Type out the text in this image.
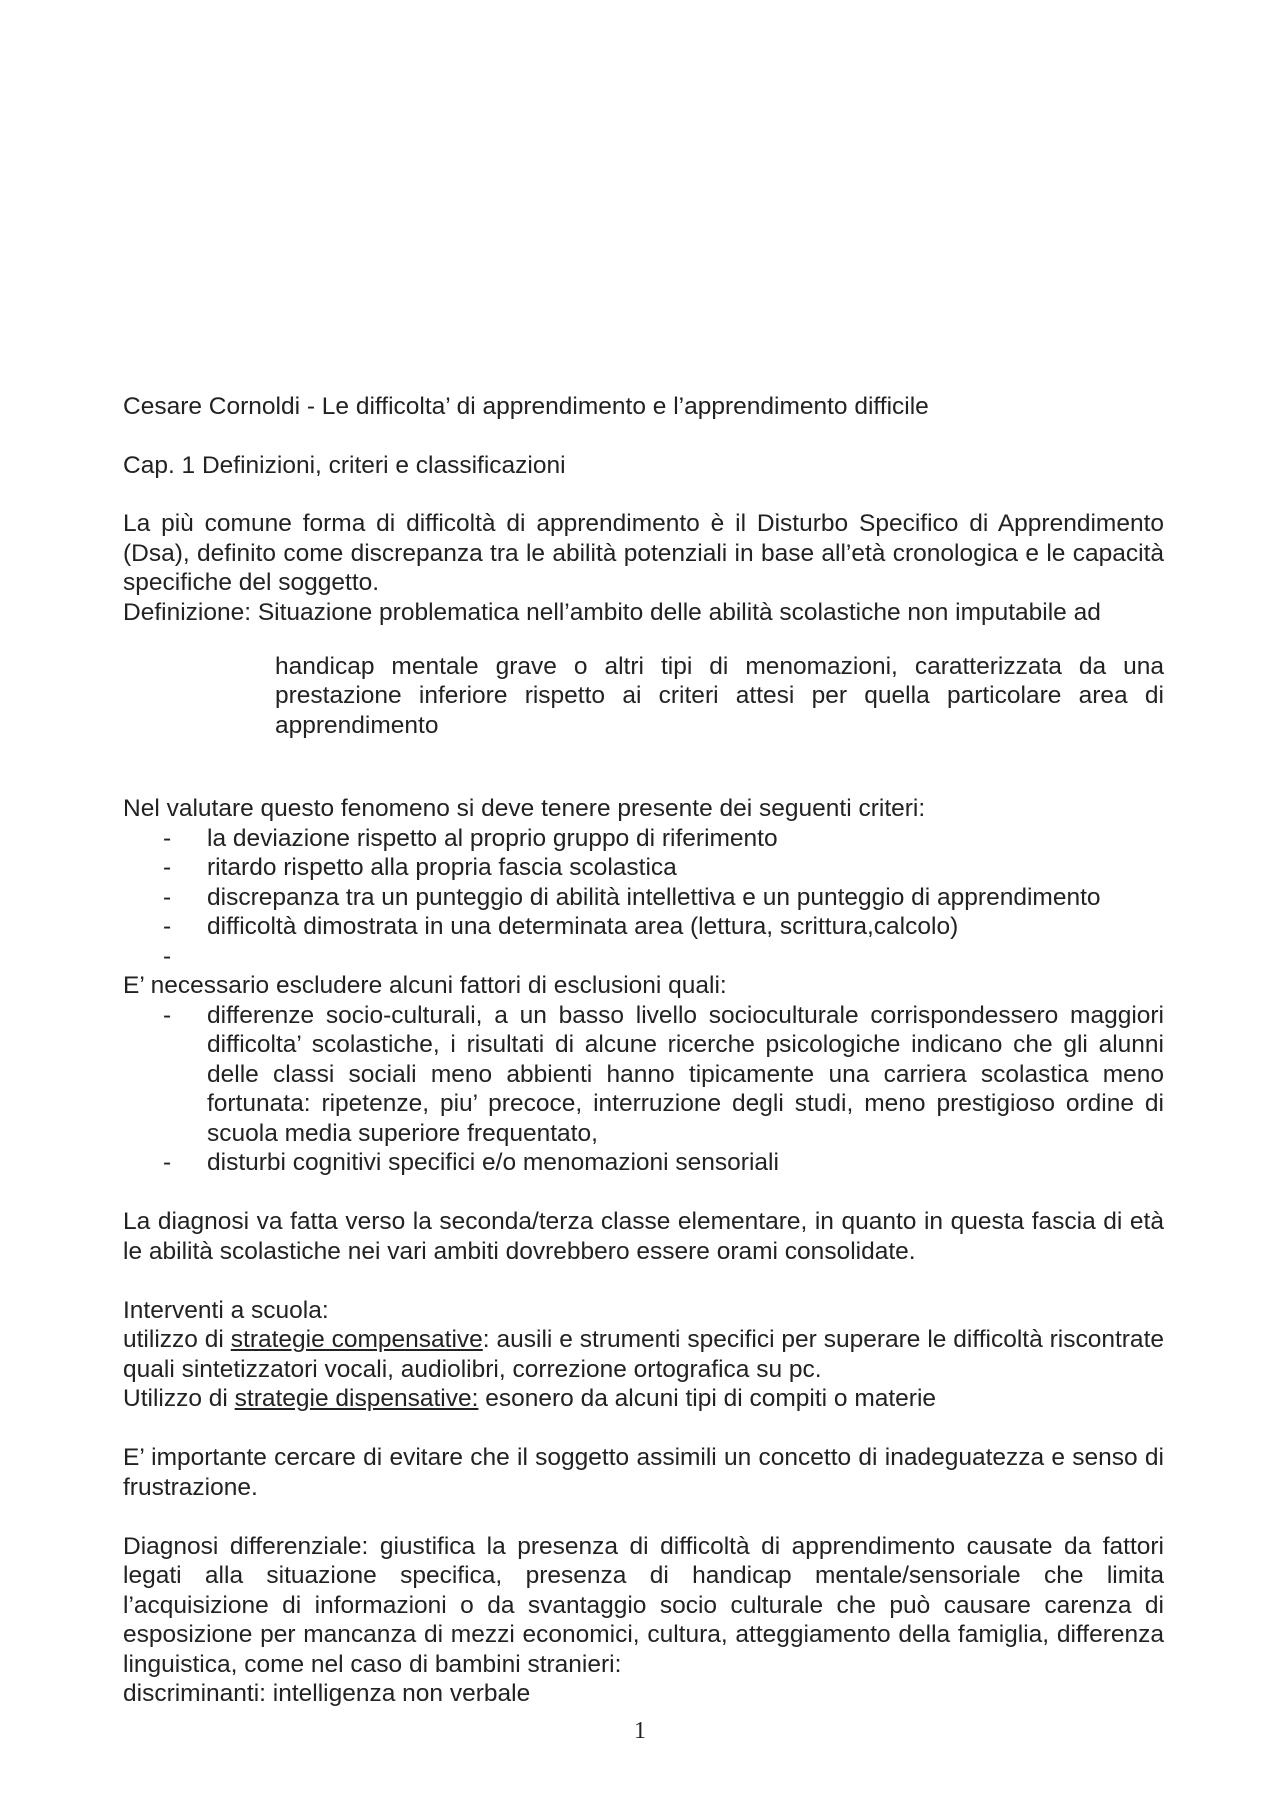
Cesare Cornoldi - Le difficolta’ di apprendimento e l’apprendimento difficile

Cap. 1 Definizioni, criteri e classificazioni

La più comune forma di difficoltà di apprendimento è il Disturbo Specifico di Apprendimento (Dsa), definito come discrepanza tra le abilità potenziali in base all’età cronologica e le capacità specifiche del soggetto.

Definizione: Situazione problematica nell’ambito delle abilità scolastiche non imputabile ad

handicap mentale grave o altri tipi di menomazioni, caratterizzata da una prestazione inferiore rispetto ai criteri attesi per quella particolare area di apprendimento

Nel valutare questo fenomeno si deve tenere presente dei seguenti criteri:

-	la deviazione rispetto al proprio gruppo di riferimento
-	ritardo rispetto alla propria fascia scolastica
-	discrepanza tra un punteggio di abilità intellettiva e un punteggio di apprendimento
-	difficoltà dimostrata in una determinata area (lettura, scrittura,calcolo)
-

E’ necessario escludere alcuni fattori di esclusioni quali:

-	differenze socio-culturali, a un basso livello socioculturale corrispondessero maggiori difficolta’ scolastiche, i risultati di alcune ricerche psicologiche indicano che gli alunni delle classi sociali meno abbienti hanno tipicamente una carriera scolastica meno fortunata: ripetenze, piu’ precoce, interruzione degli studi, meno prestigioso ordine di scuola media superiore frequentato,
-	disturbi cognitivi specifici e/o menomazioni sensoriali

La diagnosi va fatta verso la seconda/terza classe elementare, in quanto in questa fascia di età le abilità scolastiche nei vari ambiti dovrebbero essere orami consolidate.

Interventi a scuola:

utilizzo di strategie compensative: ausili e strumenti specifici per superare le difficoltà riscontrate quali sintetizzatori vocali, audiolibri, correzione ortografica su pc.

Utilizzo di strategie dispensative: esonero da alcuni tipi di compiti o materie

E’ importante cercare di evitare che il soggetto assimili un concetto di inadeguatezza e senso di frustrazione.

Diagnosi differenziale: giustifica la presenza di difficoltà di apprendimento causate da fattori legati alla situazione specifica, presenza di handicap mentale/sensoriale che limita l’acquisizione di informazioni o da svantaggio socio culturale che può causare carenza di esposizione per mancanza di mezzi economici, cultura, atteggiamento della famiglia, differenza linguistica, come nel caso di bambini stranieri:

discriminanti: intelligenza non verbale

1
